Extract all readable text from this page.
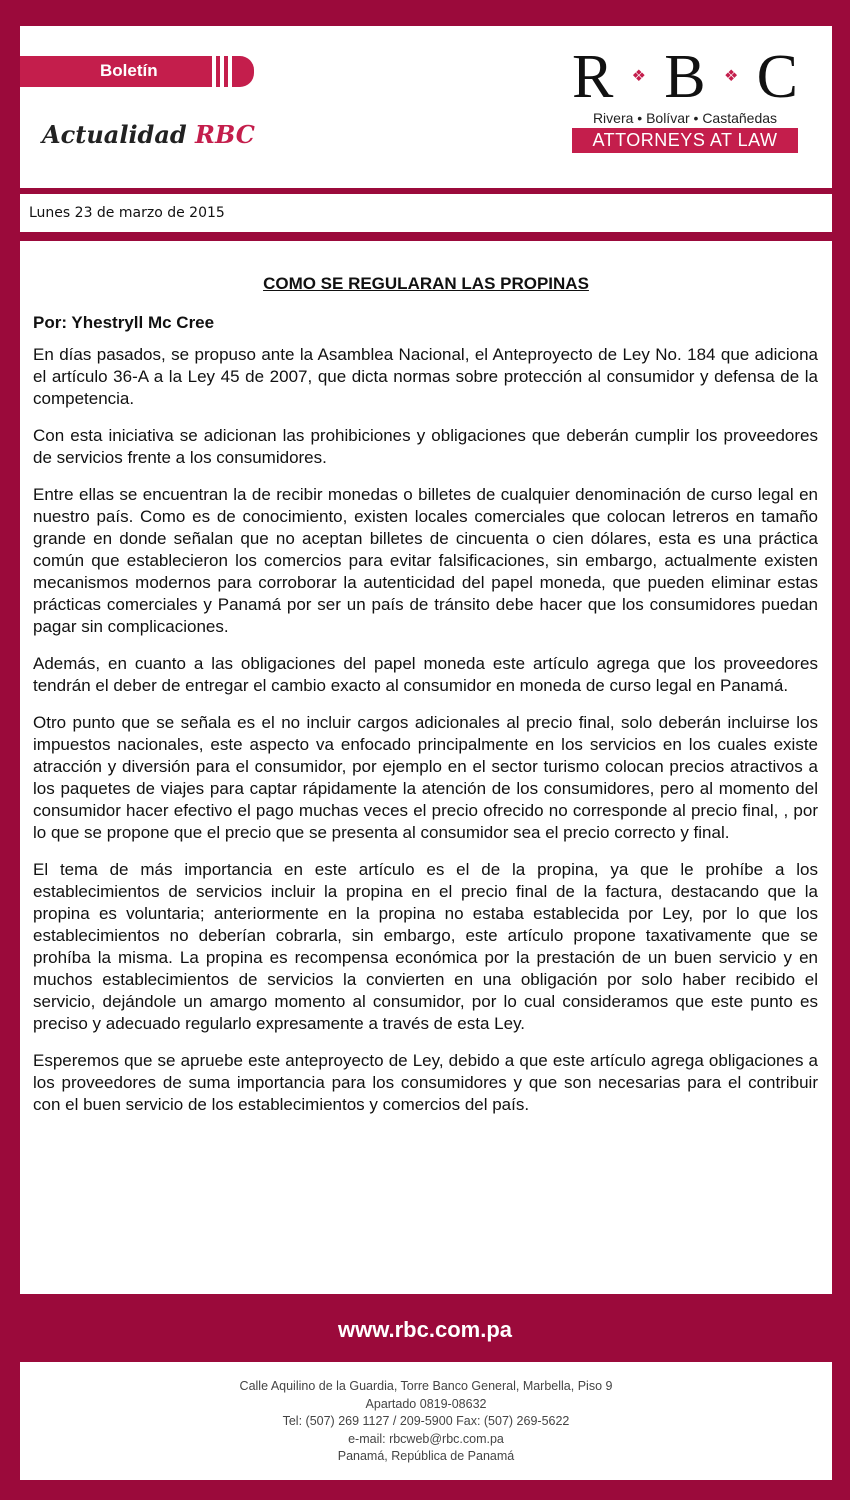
Boletín
Actualidad RBC
R ❖ B ❖ C
Rivera • Bolívar • Castañedas
ATTORNEYS AT LAW
Lunes 23 de marzo de 2015
COMO SE REGULARAN LAS PROPINAS
Por: Yhestryll Mc Cree

En días pasados, se propuso ante la Asamblea Nacional, el Anteproyecto de Ley No. 184 que adiciona el artículo 36-A a la Ley 45 de 2007, que dicta normas sobre protección al consumidor y defensa de la competencia.

Con esta iniciativa se adicionan las prohibiciones y obligaciones que deberán cumplir los proveedores de servicios frente a los consumidores.

Entre ellas se encuentran la de recibir monedas o billetes de cualquier denominación de curso legal en nuestro país. Como es de conocimiento, existen locales comerciales que colocan letreros en tamaño grande en donde señalan que no aceptan billetes de cincuenta o cien dólares, esta es una práctica común que establecieron los comercios para evitar falsificaciones, sin embargo, actualmente existen mecanismos modernos para corroborar la autenticidad del papel moneda, que pueden eliminar estas prácticas comerciales y Panamá por ser un país de tránsito debe hacer que los consumidores puedan pagar sin complicaciones.

Además, en cuanto a las obligaciones del papel moneda este artículo agrega que los proveedores tendrán el deber de entregar el cambio exacto al consumidor en moneda de curso legal en Panamá.

Otro punto que se señala es el no incluir cargos adicionales al precio final, solo deberán incluirse los impuestos nacionales, este aspecto va enfocado principalmente en los servicios en los cuales existe atracción y diversión para el consumidor, por ejemplo en el sector turismo colocan precios atractivos a los paquetes de viajes para captar rápidamente la atención de los consumidores, pero al momento del consumidor hacer efectivo el pago muchas veces el precio ofrecido no corresponde al precio final, , por lo que se propone que el precio que se presenta al consumidor sea el precio correcto y final.

El tema de más importancia en este artículo es el de la propina, ya que le prohíbe a los establecimientos de servicios incluir la propina en el precio final de la factura, destacando que la propina es voluntaria; anteriormente en la propina no estaba establecida por Ley, por lo que los establecimientos no deberían cobrarla, sin embargo, este artículo propone taxativamente que se prohíba la misma. La propina es recompensa económica por la prestación de un buen servicio y en muchos establecimientos de servicios la convierten en una obligación por solo haber recibido el servicio, dejándole un amargo momento al consumidor, por lo cual consideramos que este punto es preciso y adecuado regularlo expresamente a través de esta Ley.

Esperemos que se apruebe este anteproyecto de Ley, debido a que este artículo agrega obligaciones a los proveedores de suma importancia para los consumidores y que son necesarias para el contribuir con el buen servicio de los establecimientos y comercios del país.

www.rbc.com.pa
Calle Aquilino de la Guardia, Torre Banco General, Marbella, Piso 9
Apartado 0819-08632
Tel: (507) 269 1127 / 209-5900 Fax: (507) 269-5622
e-mail: rbcweb@rbc.com.pa
Panamá, República de Panamá
